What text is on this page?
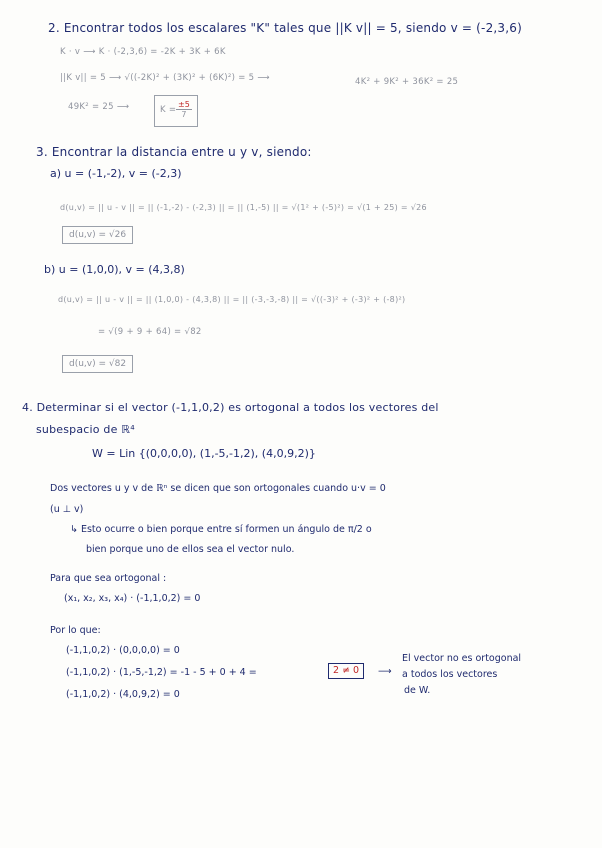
2. Encontrar todos los escalares "K" tales que ||K v|| = 5, siendo v = (-2,3,6)
K · v ⟶ K · (-2,3,6) = -2K + 3K + 6K
||K v|| = 5 ⟶ √((-2K)² + (3K)² + (6K)²) = 5 ⟶	4K² + 9K² + 36K² = 25
49K² = 25 ⟶	$K = \frac{\pm 5}{7}$
3. Encontrar la distancia entre u y v, siendo:
a) u = (-1,-2), v = (-2,3)
d(u,v) = || u - v || = || (-1,-2) - (-2,3) || = || (1,-5) || = √(1² + (-5)²) = √(1 + 25) = √26
d(u,v) = √26
b) u = (1,0,0), v = (4,3,8)
d(u,v) = || u - v || = || (1,0,0) - (4,3,8) || = || (-3,-3,-8) || = √((-3)² + (-3)² + (-8)²)
= √(9 + 9 + 64) = √82
d(u,v) = √82
4. Determinar si el vector (-1,1,0,2) es ortogonal a todos los vectores del
subespacio de ℝ⁴
W = Lin {(0,0,0,0), (1,-5,-1,2), (4,0,9,2)}
Dos vectores u y v de ℝⁿ se dicen que son ortogonales cuando u·v = 0
(u ⊥ v)
↳ Esto ocurre o bien porque entre sí formen un ángulo de π/2 o
bien porque uno de ellos sea el vector nulo.
Para que sea ortogonal :
(x₁, x₂, x₃, x₄) · (-1,1,0,2) = 0
Por lo que:
(-1,1,0,2) · (0,0,0,0) = 0
(-1,1,0,2) · (1,-5,-1,2) = -1 - 5 + 0 + 4 =	2 ≠ 0	⟶
(-1,1,0,2) · (4,0,9,2) = 0
El vector no es ortogonal
a todos los vectores
de W.
